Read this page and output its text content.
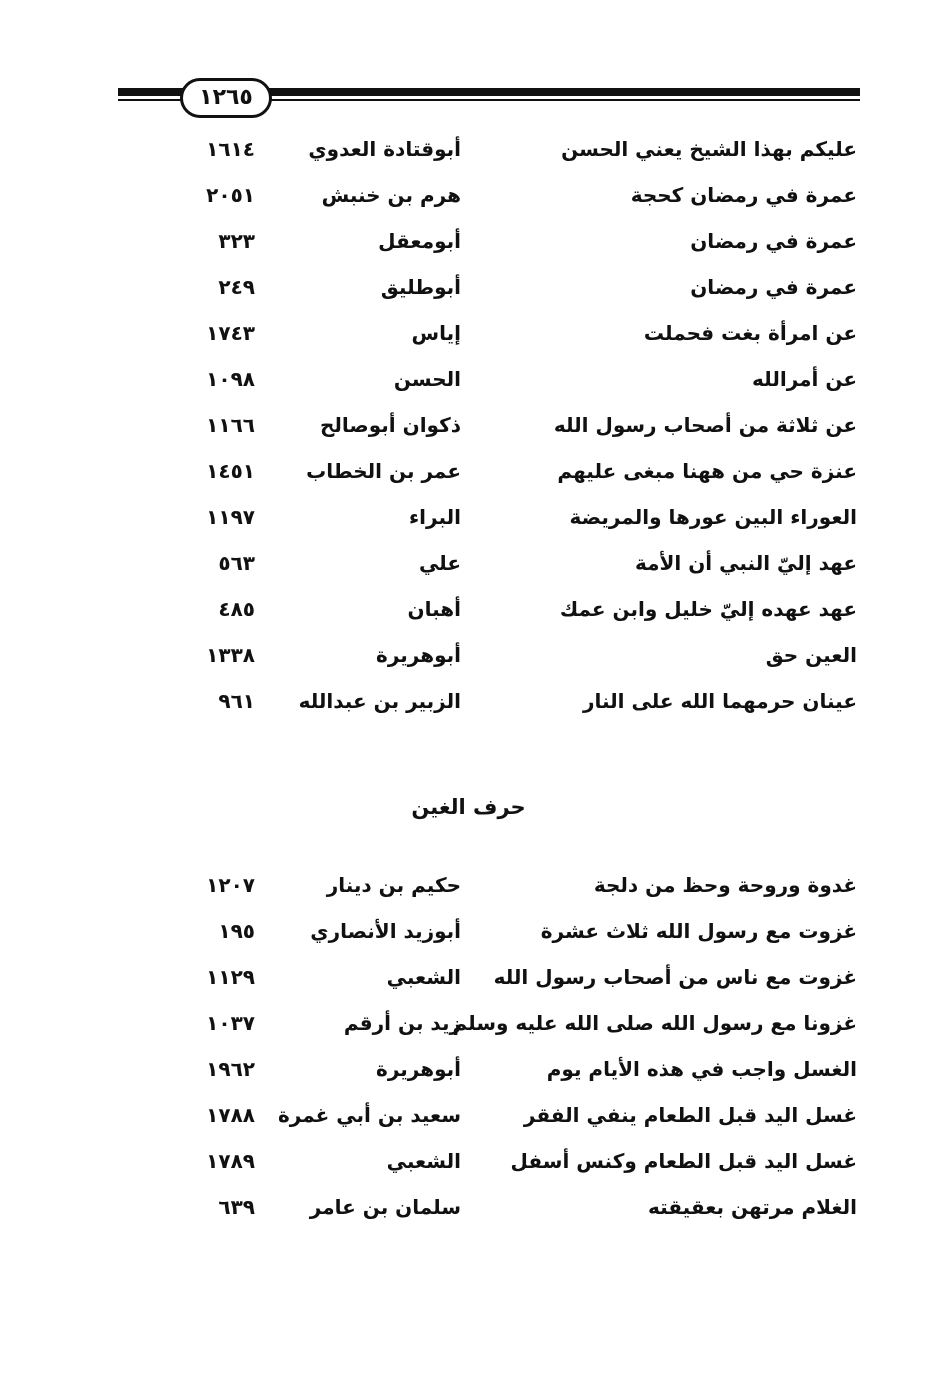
١٢٦٥
عليكم بهذا الشيخ يعني الحسن
أبوقتادة العدوي
١٦١٤
عمرة في رمضان كحجة
هرم بن خنبش
٢٠٥١
عمرة في رمضان
أبومعقل
٣٢٣
عمرة في رمضان
أبوطليق
٢٤٩
عن امرأة بغت فحملت
إياس
١٧٤٣
عن أمرالله
الحسن
١٠٩٨
عن ثلاثة من أصحاب رسول الله
ذكوان أبوصالح
١١٦٦
عنزة حي من ههنا مبغى عليهم
عمر بن الخطاب
١٤٥١
العوراء البين عورها والمريضة
البراء
١١٩٧
عهد إليّ النبي أن الأمة
علي
٥٦٣
عهد عهده إليّ خليل وابن عمك
أهبان
٤٨٥
العين حق
أبوهريرة
١٣٣٨
عينان حرمهما الله على النار
الزبير بن عبدالله
٩٦١
حرف الغين
غدوة وروحة وحظ من دلجة
حكيم بن دينار
١٢٠٧
غزوت مع رسول الله ثلاث عشرة
أبوزيد الأنصاري
١٩٥
غزوت مع ناس من أصحاب رسول الله
الشعبي
١١٢٩
غزونا مع رسول الله صلى الله عليه وسلم
زيد بن أرقم
١٠٣٧
الغسل واجب في هذه الأيام يوم
أبوهريرة
١٩٦٢
غسل اليد قبل الطعام ينفي الفقر
سعيد بن أبي غمرة
١٧٨٨
غسل اليد قبل الطعام وكنس أسفل
الشعبي
١٧٨٩
الغلام مرتهن بعقيقته
سلمان بن عامر
٦٣٩
